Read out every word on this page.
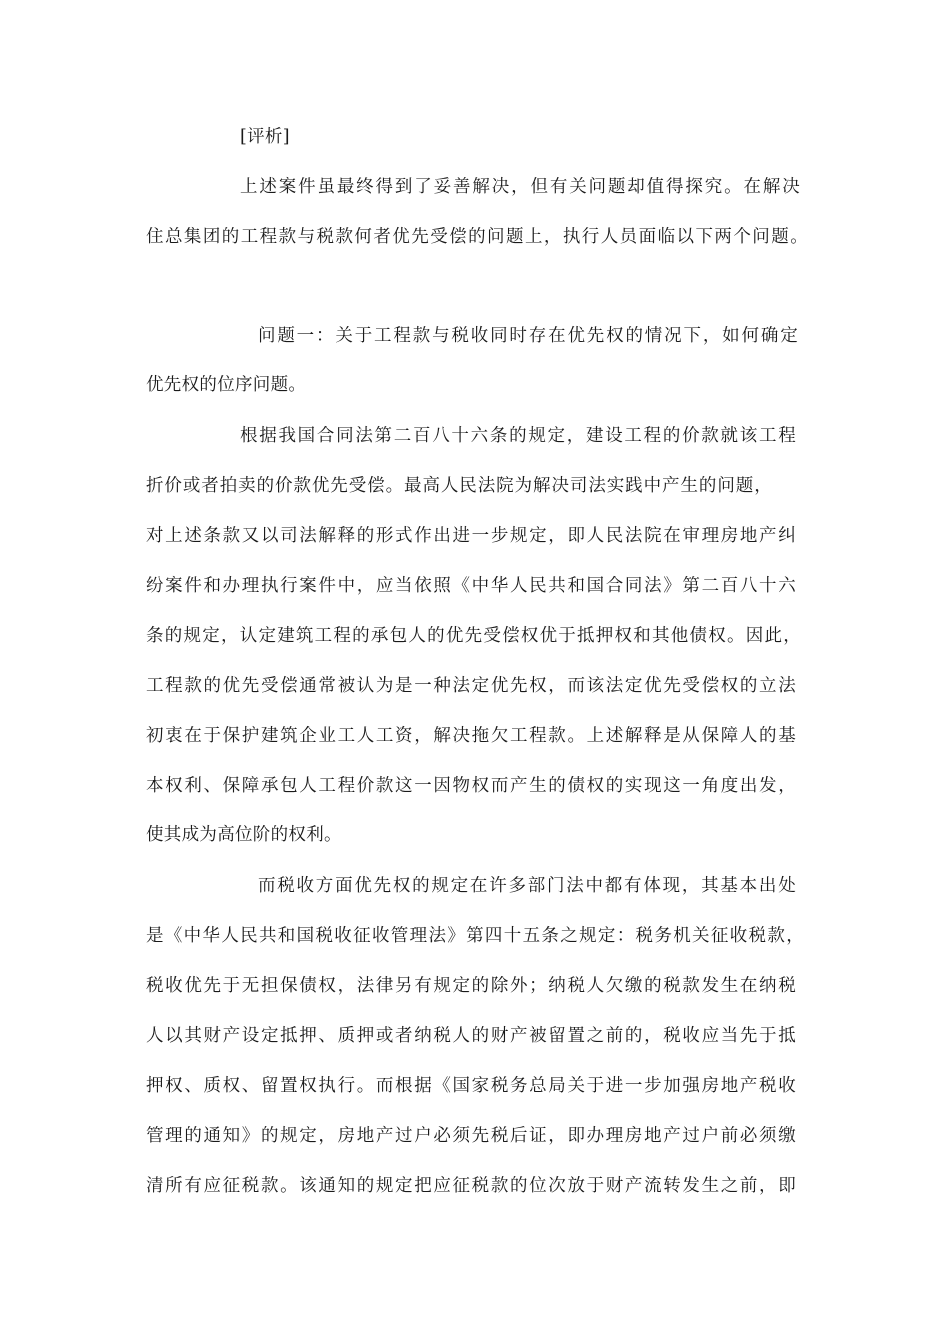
[评析]
上述案件虽最终得到了妥善解决，但有关问题却值得探究。在解决
住总集团的工程款与税款何者优先受偿的问题上，执行人员面临以下两个问题。
问题一：关于工程款与税收同时存在优先权的情况下，如何确定
优先权的位序问题。
根据我国合同法第二百八十六条的规定，建设工程的价款就该工程
折价或者拍卖的价款优先受偿。最高人民法院为解决司法实践中产生的问题，
对上述条款又以司法解释的形式作出进一步规定，即人民法院在审理房地产纠
纷案件和办理执行案件中，应当依照《中华人民共和国合同法》第二百八十六
条的规定，认定建筑工程的承包人的优先受偿权优于抵押权和其他债权。因此，
工程款的优先受偿通常被认为是一种法定优先权，而该法定优先受偿权的立法
初衷在于保护建筑企业工人工资，解决拖欠工程款。上述解释是从保障人的基
本权利、保障承包人工程价款这一因物权而产生的债权的实现这一角度出发，
使其成为高位阶的权利。
而税收方面优先权的规定在许多部门法中都有体现，其基本出处
是《中华人民共和国税收征收管理法》第四十五条之规定：税务机关征收税款，
税收优先于无担保债权，法律另有规定的除外；纳税人欠缴的税款发生在纳税
人以其财产设定抵押、质押或者纳税人的财产被留置之前的，税收应当先于抵
押权、质权、留置权执行。而根据《国家税务总局关于进一步加强房地产税收
管理的通知》的规定，房地产过户必须先税后证，即办理房地产过户前必须缴
清所有应征税款。该通知的规定把应征税款的位次放于财产流转发生之前，即
